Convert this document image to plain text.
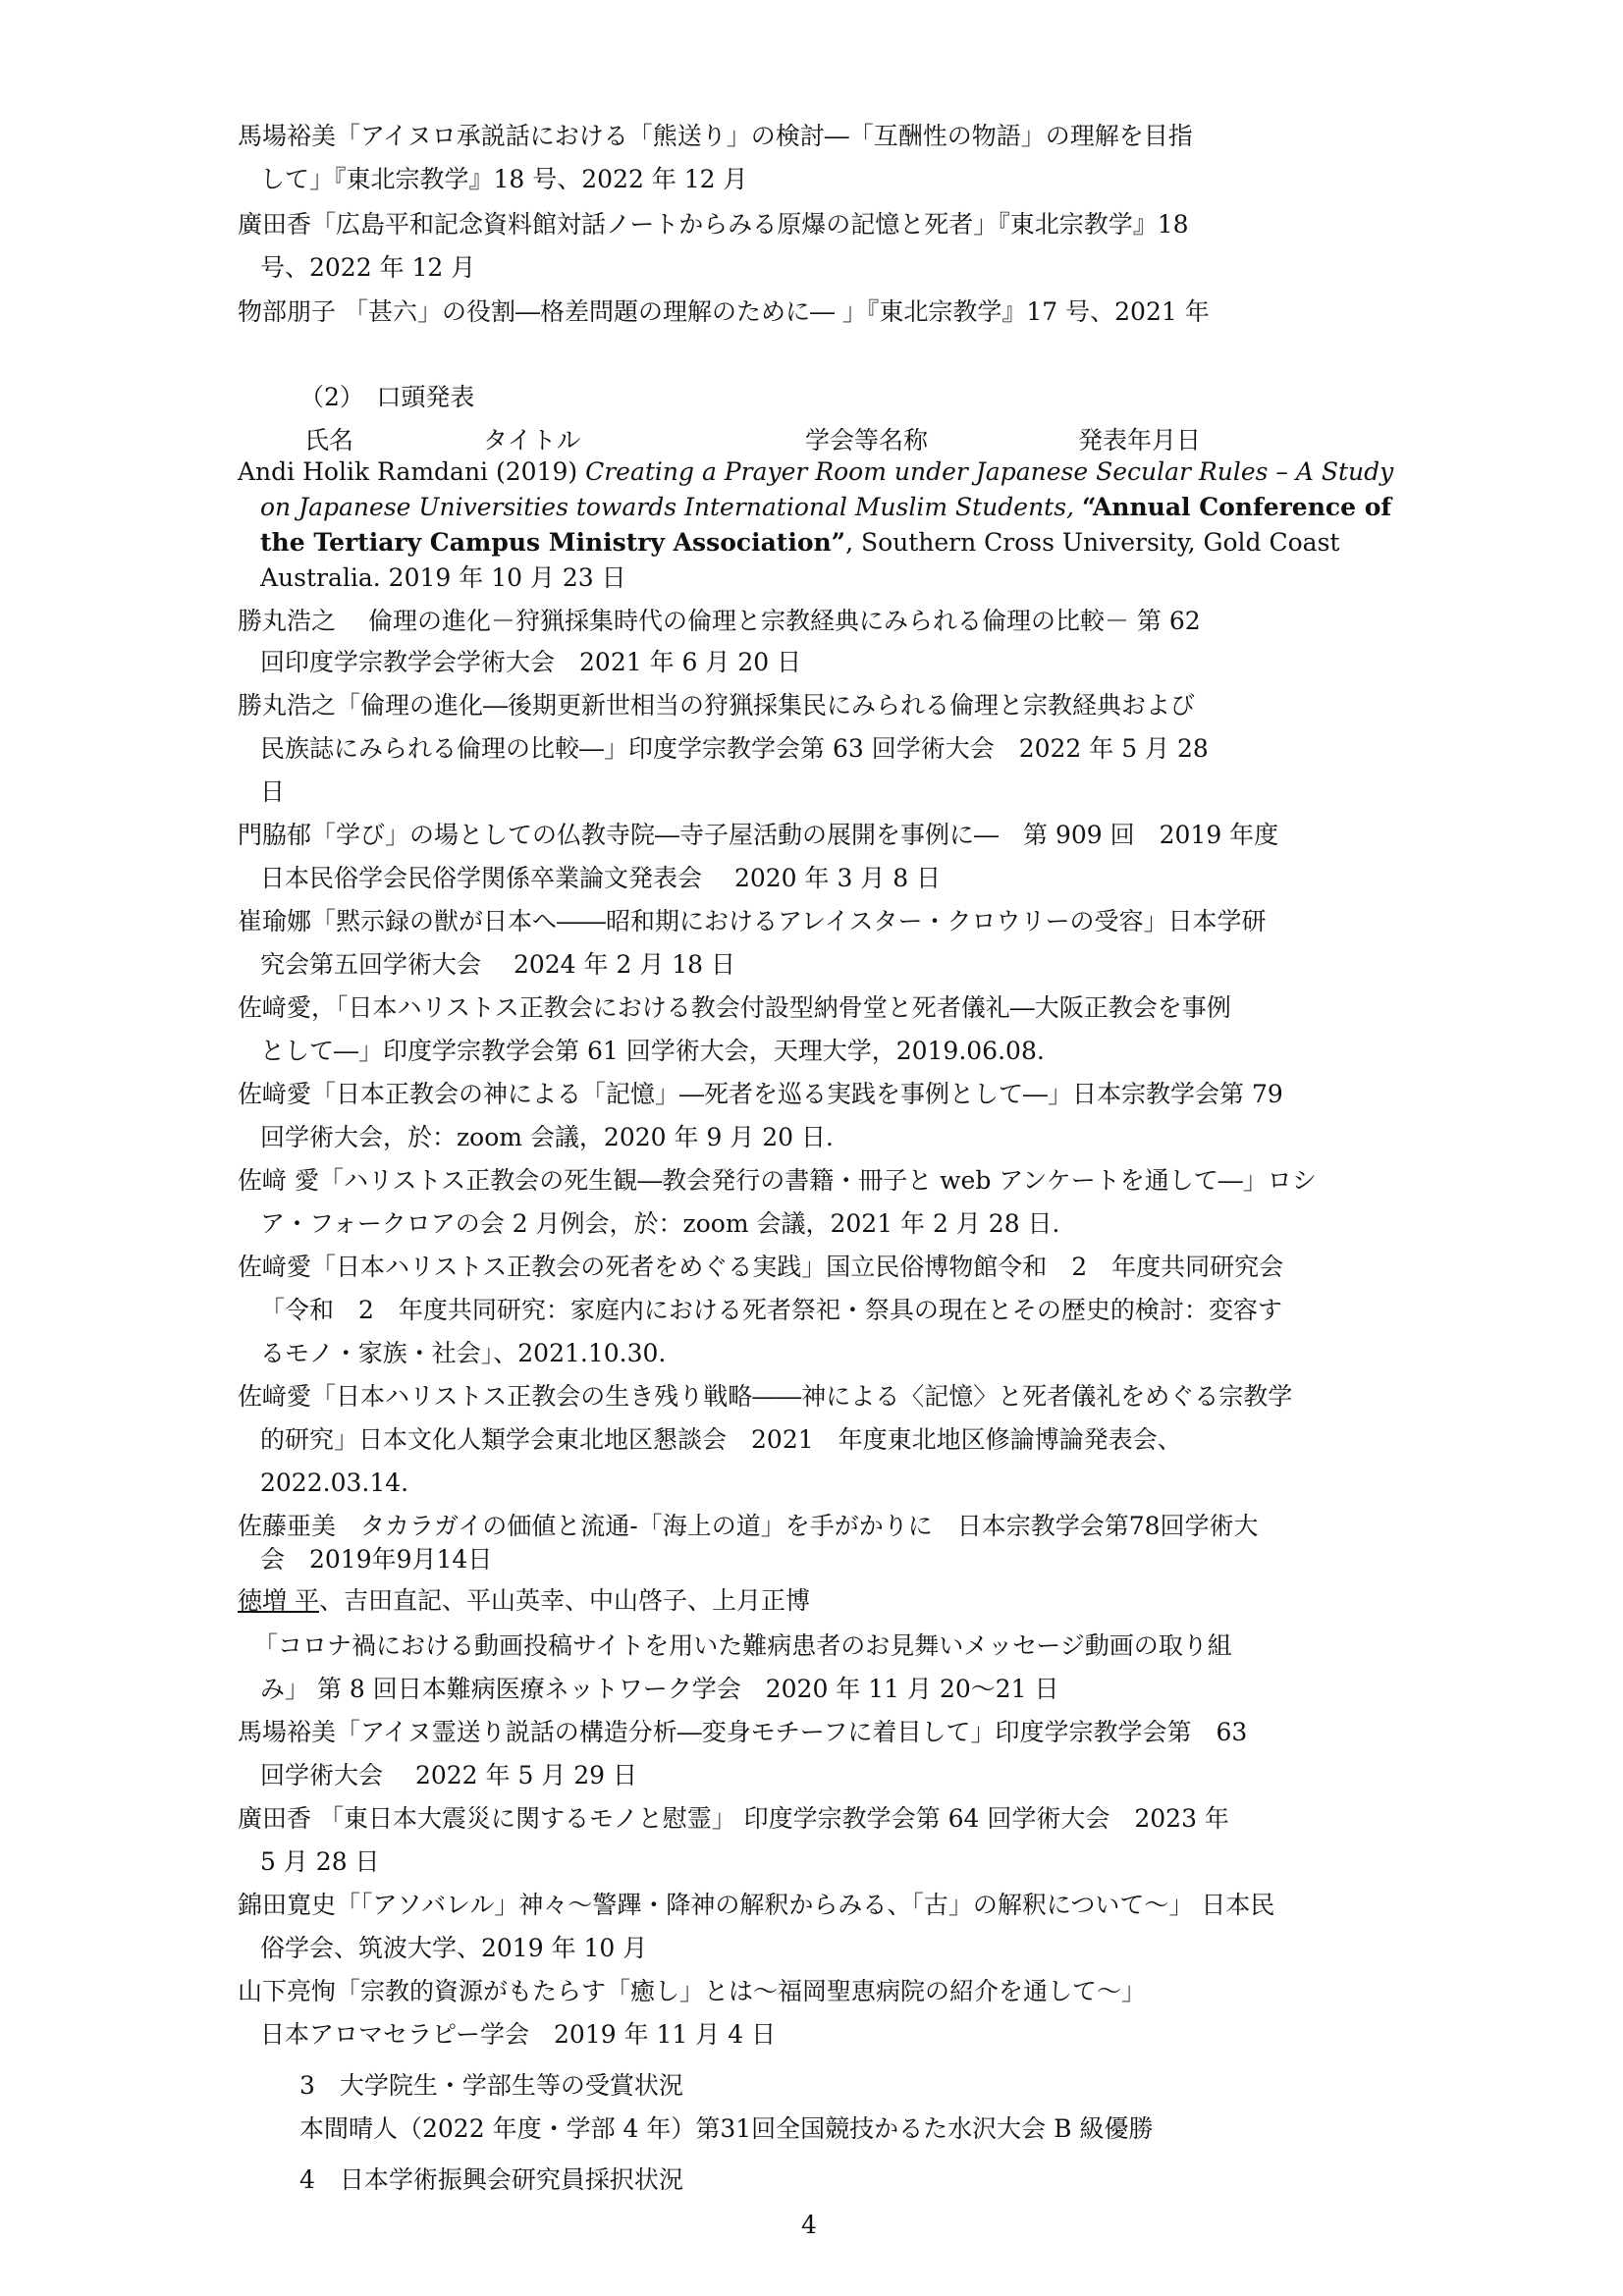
馬場裕美「アイヌロ承説話における「熊送り」の検討―「互酬性の物語」の理解を目指
して」『東北宗教学』18 号、2022 年 12 月
廣田香「広島平和記念資料館対話ノートからみる原爆の記憶と死者」『東北宗教学』18
号、2022 年 12 月
物部朋子 「甚六」の役割―格差問題の理解のために― 」『東北宗教学』17 号、2021 年
（2）　口頭発表
氏名	タイトル	学会等名称	発表年月日
Andi Holik Ramdani (2019) Creating a Prayer Room under Japanese Secular Rules – A Study
on Japanese Universities towards International Muslim Students, “Annual Conference of
the Tertiary Campus Ministry Association”, Southern Cross University, Gold Coast
Australia. 2019 年 10 月 23 日
勝丸浩之　 倫理の進化－狩猟採集時代の倫理と宗教経典にみられる倫理の比較－ 第 62
回印度学宗教学会学術大会　2021 年 6 月 20 日
勝丸浩之「倫理の進化―後期更新世相当の狩猟採集民にみられる倫理と宗教経典および
民族誌にみられる倫理の比較―」印度学宗教学会第 63 回学術大会　2022 年 5 月 28
日
門脇郁「学び」の場としての仏教寺院―寺子屋活動の展開を事例に―　第 909 回　2019 年度
日本民俗学会民俗学関係卒業論文発表会　 2020 年 3 月 8 日
崔瑜娜「黙示録の獣が日本へ――昭和期におけるアレイスター・クロウリーの受容」日本学研
究会第五回学術大会　 2024 年 2 月 18 日
佐﨑愛，「日本ハリストス正教会における教会付設型納骨堂と死者儀礼―大阪正教会を事例
として―」印度学宗教学会第 61 回学術大会，天理大学，2019.06.08.
佐﨑愛「日本正教会の神による「記憶」―死者を巡る実践を事例として―」日本宗教学会第 79
回学術大会，於：zoom 会議，2020 年 9 月 20 日．
佐﨑 愛「ハリストス正教会の死生観―教会発行の書籍・冊子と web アンケートを通して―」ロシ
ア・フォークロアの会 2 月例会，於：zoom 会議，2021 年 2 月 28 日．
佐﨑愛「日本ハリストス正教会の死者をめぐる実践」国立民俗博物館令和　2　年度共同研究会
「令和　2　年度共同研究：家庭内における死者祭祀・祭具の現在とその歴史的検討：変容す
るモノ・家族・社会」、2021.10.30.
佐﨑愛「日本ハリストス正教会の生き残り戦略――神による〈記憶〉と死者儀礼をめぐる宗教学
的研究」日本文化人類学会東北地区懇談会　2021　年度東北地区修論博論発表会、
2022.03.14.
佐藤亜美　タカラガイの価値と流通-「海上の道」を手がかりに　日本宗教学会第78回学術大
会　2019年9月14日
徳増 平、吉田直記、平山英幸、中山啓子、上月正博
「コロナ禍における動画投稿サイトを用いた難病患者のお見舞いメッセージ動画の取り組
み」 第 8 回日本難病医療ネットワーク学会　2020 年 11 月 20～21 日
馬場裕美「アイヌ霊送り説話の構造分析―変身モチーフに着目して」印度学宗教学会第　63
回学術大会　 2022 年 5 月 29 日
廣田香 「東日本大震災に関するモノと慰霊」 印度学宗教学会第 64 回学術大会　2023 年
5 月 28 日
錦田寛史「「アソバレル」神々～警蹕・降神の解釈からみる、「古」の解釈について～」 日本民
俗学会、筑波大学、2019 年 10 月
山下亮恂「宗教的資源がもたらす「癒し」とは～福岡聖恵病院の紹介を通して～」
日本アロマセラピー学会　2019 年 11 月 4 日
3　大学院生・学部生等の受賞状況
本間晴人（2022 年度・学部 4 年）第31回全国競技かるた水沢大会 B 級優勝
4　日本学術振興会研究員採択状況
4
